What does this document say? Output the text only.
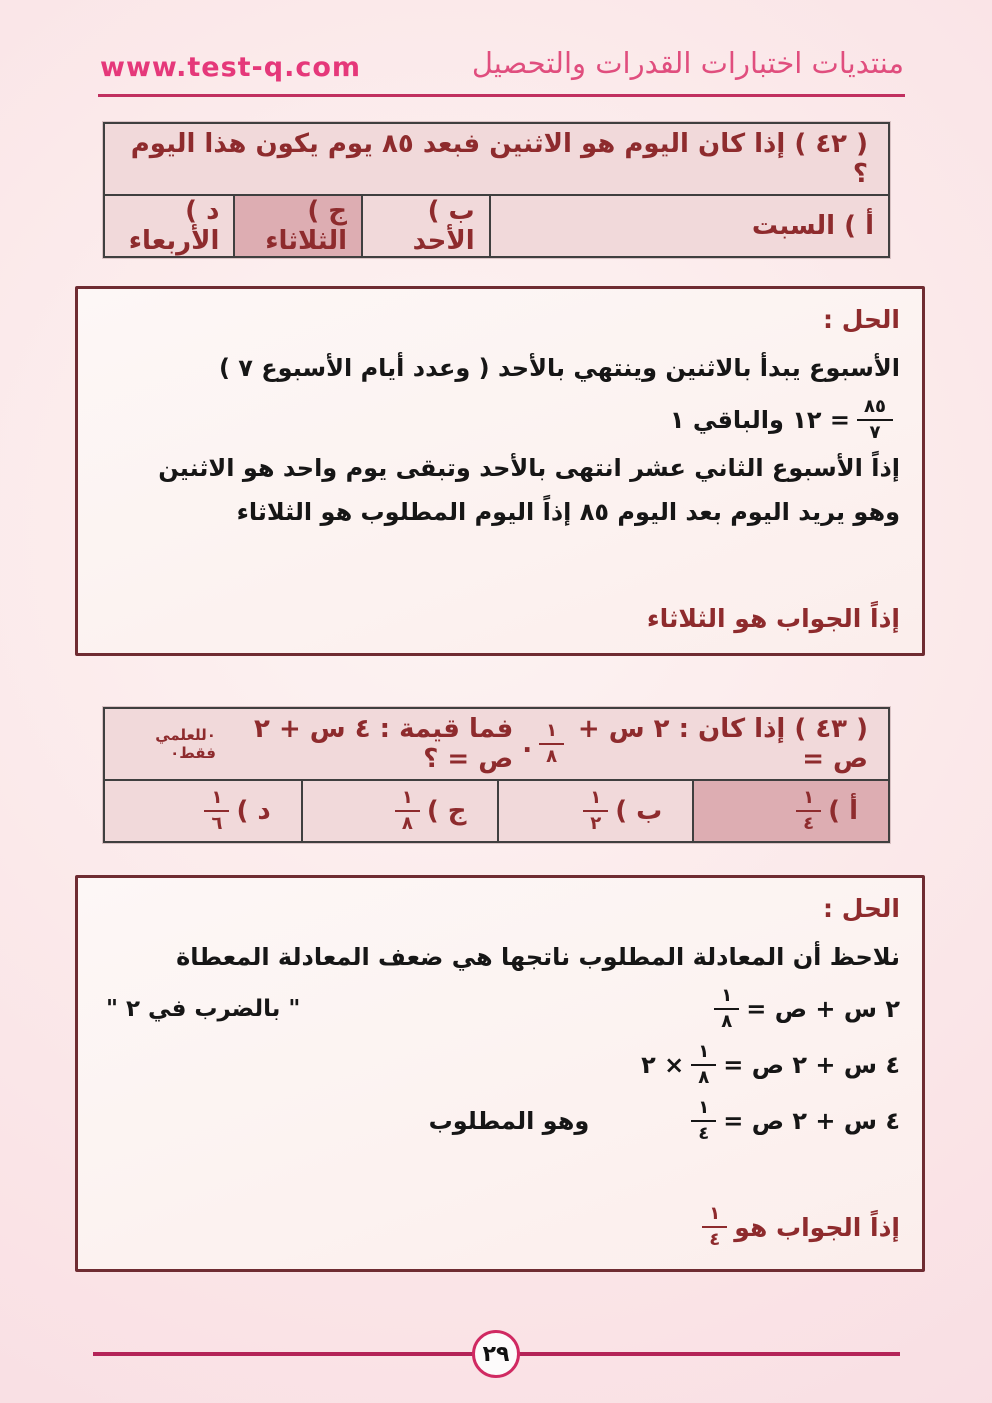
www.test-q.com	منتديات اختبارات القدرات والتحصيل
( ٤٢ ) إذا كان اليوم هو الاثنين فبعد ٨٥ يوم يكون هذا اليوم ؟
أ ) السبت
ب ) الأحد
ج ) الثلاثاء
د ) الأربعاء
الحل :
الأسبوع يبدأ بالاثنين وينتهي بالأحد ( وعدد أيام الأسبوع ٧ )
$\frac{٨٥}{٧}$
= ١٢ والباقي ١
إذاً الأسبوع الثاني عشر انتهى بالأحد وتبقى يوم واحد هو الاثنين
وهو يريد اليوم بعد اليوم ٨٥ إذاً اليوم المطلوب هو الثلاثاء
إذاً الجواب هو الثلاثاء
( ٤٣ ) إذا كان : ٢ س + ص =
$\frac{١}{٨}$
.

فما قيمة : ٤ س + ٢ ص = ؟
۰للعلمي فقط۰
أ )
$\frac{١}{٤}$
ب )
$\frac{١}{٢}$
ج )
$\frac{١}{٨}$
د )
$\frac{١}{٦}$
الحل :
نلاحظ أن المعادلة المطلوب ناتجها هي ضعف المعادلة المعطاة
٢ س + ص =
$\frac{١}{٨}$
" بالضرب في ٢ "
٤ س + ٢ ص =
$\frac{١}{٨}$
× ٢
٤ س + ٢ ص =
$\frac{١}{٤}$
وهو المطلوب
إذاً الجواب هو
$\frac{١}{٤}$
٢٩
